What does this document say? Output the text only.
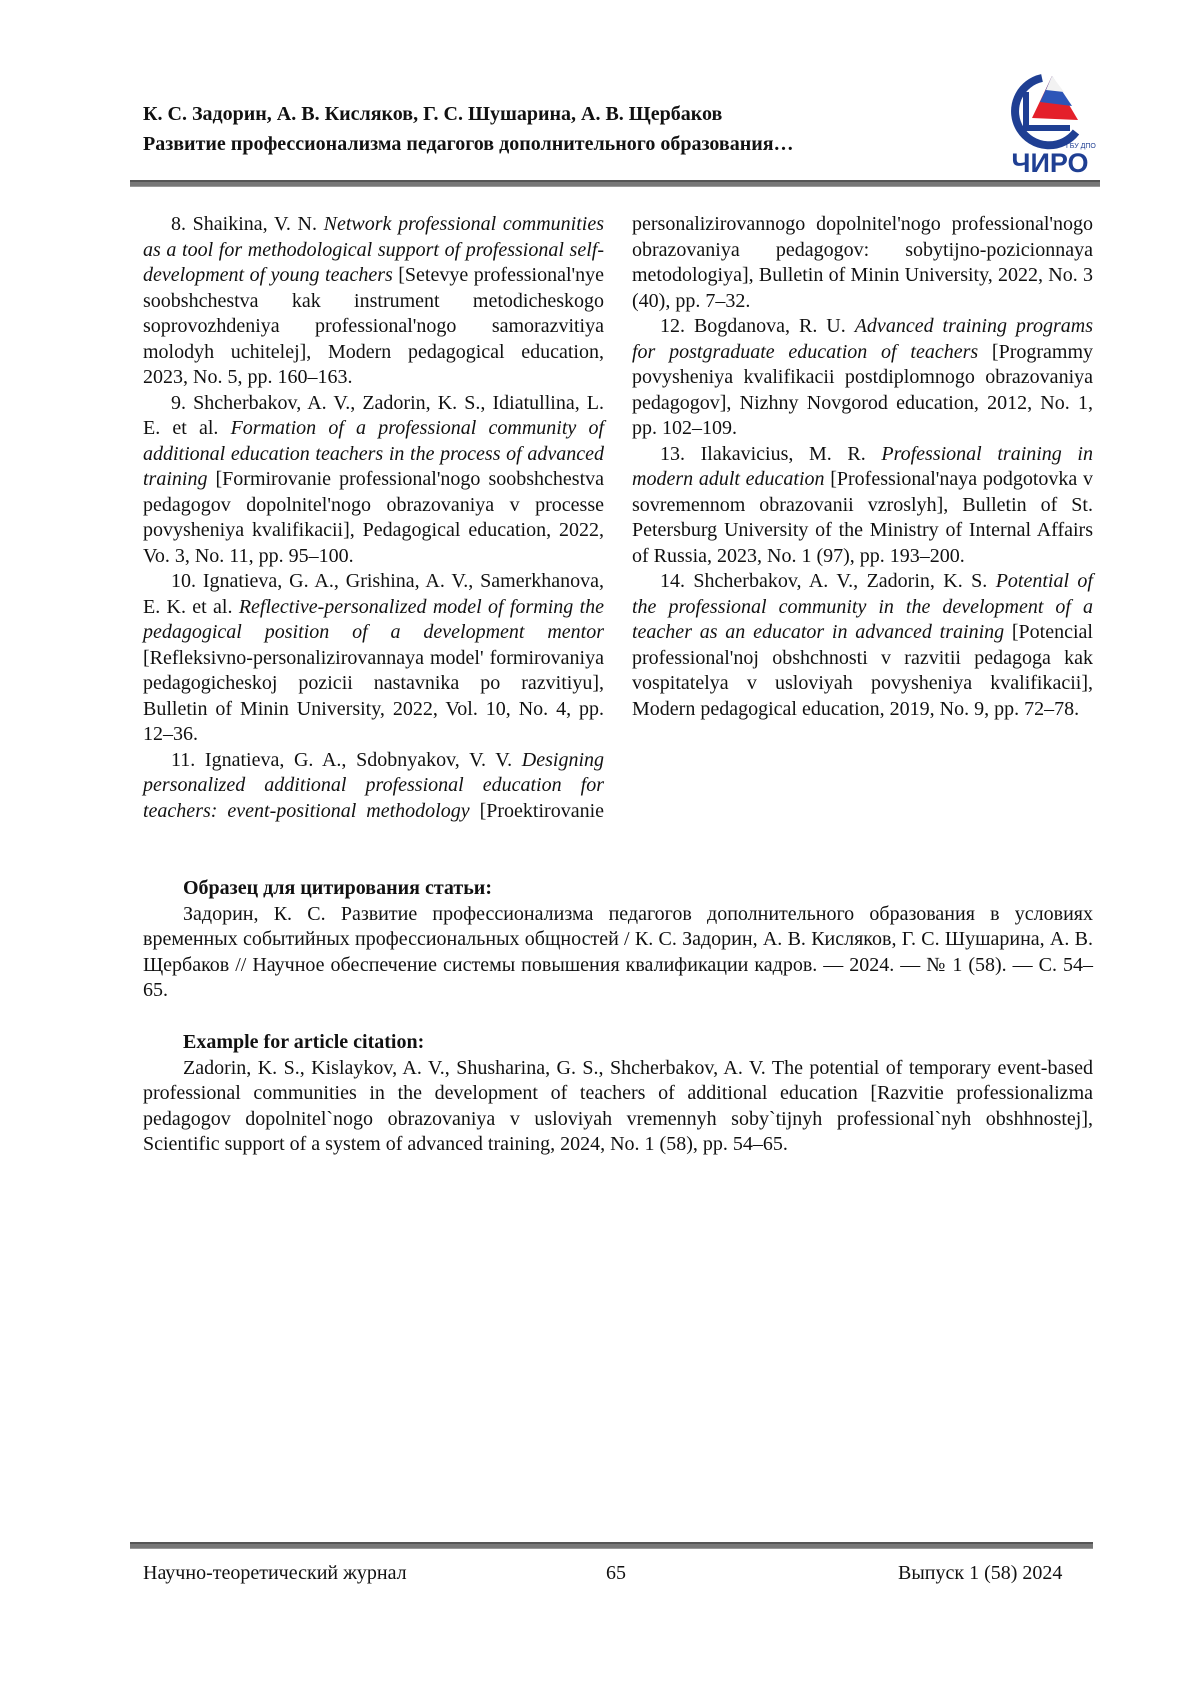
К. С. Задорин, А. В. Кисляков, Г. С. Шушарина, А. В. Щербаков
Развитие профессионализма педагогов дополнительного образования…	ГБУ ДПО
ЧИРО

8. Shaikina, V. N. Network professional communities as a tool for methodological support of professional self-development of young teachers [Setevye professional'nye soobshchestva kak instrument metodicheskogo soprovozhdeniya professional'nogo samorazvitiya molodyh uchitelej], Modern pedagogical education, 2023, No. 5, pp. 160–163.

9. Shcherbakov, A. V., Zadorin, K. S., Idiatullina, L. E. et al. Formation of a professional community of additional education teachers in the process of advanced training [Formirovanie professional'nogo soobshchestva pedagogov dopolnitel'nogo obrazovaniya v processe povysheniya kvalifikacii], Pedagogical education, 2022, Vo. 3, No. 11, pp. 95–100.

10. Ignatieva, G. A., Grishina, A. V., Samerkhanova, E. K. et al. Reflective-personalized model of forming the pedagogical position of a development mentor [Refleksivno-personalizirovannaya model' formirovaniya pedagogicheskoj pozicii nastavnika po razvitiyu], Bulletin of Minin University, 2022, Vol. 10, No. 4, pp. 12–36.

11. Ignatieva, G. A., Sdobnyakov, V. V. Designing personalized additional professional education for teachers: event-positional methodology [Proektirovanie personalizirovannogo dopolnitel'nogo professional'nogo obrazovaniya pedagogov: sobytijno-pozicionnaya metodologiya], Bulletin of Minin University, 2022, No. 3 (40), pp. 7–32.

12. Bogdanova, R. U. Advanced training programs for postgraduate education of teachers [Programmy povysheniya kvalifikacii postdiplomnogo obrazovaniya pedagogov], Nizhny Novgorod education, 2012, No. 1, pp. 102–109.

13. Ilakavicius, M. R. Professional training in modern adult education [Professional'naya podgotovka v sovremennom obrazovanii vzroslyh], Bulletin of St. Petersburg University of the Ministry of Internal Affairs of Russia, 2023, No. 1 (97), pp. 193–200.

14. Shcherbakov, A. V., Zadorin, K. S. Potential of the professional community in the development of a teacher as an educator in advanced training [Potencial professional'noj obshchnosti v razvitii pedagoga kak vospitatelya v usloviyah povysheniya kvalifikacii], Modern pedagogical education, 2019, No. 9, pp. 72–78.

Образец для цитирования статьи:

Задорин, К. С. Развитие профессионализма педагогов дополнительного образования в условиях временных событийных профессиональных общностей / К. С. Задорин, А. В. Кисляков, Г. С. Шушарина, А. В. Щербаков // Научное обеспечение системы повышения квалификации кадров. — 2024. — № 1 (58). — С. 54–65.

Example for article citation:

Zadorin, K. S., Kislaykov, A. V., Shusharina, G. S., Shcherbakov, A. V. The potential of temporary event-based professional communities in the development of teachers of additional education [Razvitie professionalizma pedagogov dopolnitel`nogo obrazovaniya v usloviyah vremennyh soby`tijnyh professional`nyh obshhnostej], Scientific support of a system of advanced training, 2024, No. 1 (58), pp. 54–65.

Научно-теоретический журнал	65	Выпуск 1 (58) 2024
